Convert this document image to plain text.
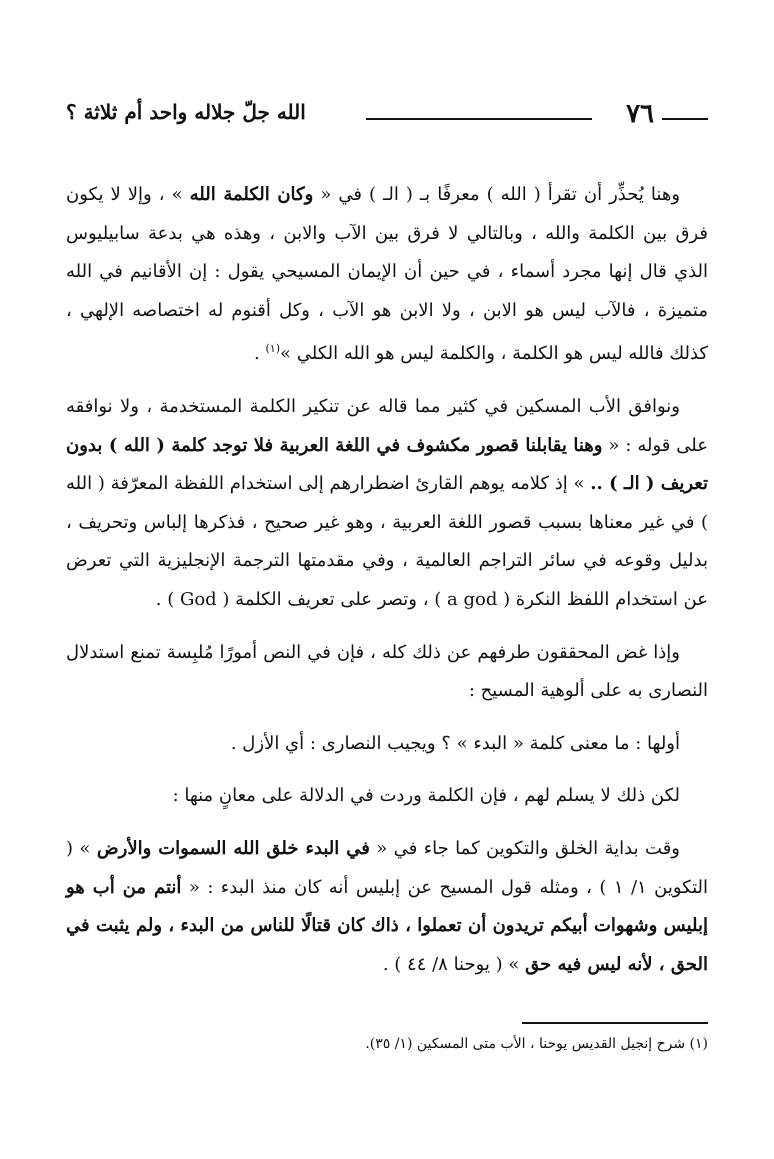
٧٦
الله جلّ جلاله واحد أم ثلاثة ؟

وهنا يُحذِّر أن تقرأ ( الله ) معرفًا بـ ( الـ ) في « وكان الكلمة الله » ، وإلا لا يكون فرق بين الكلمة والله ، وبالتالي لا فرق بين الآب والابن ، وهذه هي بدعة سابيليوس الذي قال إنها مجرد أسماء ، في حين أن الإيمان المسيحي يقول : إن الأقانيم في الله متميزة ، فالآب ليس هو الابن ، ولا الابن هو الآب ، وكل أقنوم له اختصاصه الإلهي ، كذلك فالله ليس هو الكلمة ، والكلمة ليس هو الله الكلي »$^{(١)}$ .

ونوافق الأب المسكين في كثير مما قاله عن تنكير الكلمة المستخدمة ، ولا نوافقه على قوله : « وهنا يقابلنا قصور مكشوف في اللغة العربية فلا توجد كلمة ( الله ) بدون تعريف ( الـ ) .. » إذ كلامه يوهم القارئ اضطرارهم إلى استخدام اللفظة المعرّفة ( الله ) في غير معناها بسبب قصور اللغة العربية ، وهو غير صحيح ، فذكرها إلباس وتحريف ، بدليل وقوعه في سائر التراجم العالمية ، وفي مقدمتها الترجمة الإنجليزية التي تعرض عن استخدام اللفظ النكرة ( a god ) ، وتصر على تعريف الكلمة ( God ) .

وإذا غض المحققون طرفهم عن ذلك كله ، فإن في النص أمورًا مُلبِسة تمنع استدلال النصارى به على ألوهية المسيح :

أولها : ما معنى كلمة « البدء » ؟ ويجيب النصارى : أي الأزل .

لكن ذلك لا يسلم لهم ، فإن الكلمة وردت في الدلالة على معانٍ منها :

وقت بداية الخلق والتكوين كما جاء في « في البدء خلق الله السموات والأرض » ( التكوين ١/ ١ ) ، ومثله قول المسيح عن إبليس أنه كان منذ البدء : « أنتم من أب هو إبليس وشهوات أبيكم تريدون أن تعملوا ، ذاك كان قتالًا للناس من البدء ، ولم يثبت في الحق ، لأنه ليس فيه حق » ( يوحنا ٨/ ٤٤ ) .

(١) شرح إنجيل القديس يوحنا ، الأب متى المسكين (١/ ٣٥).
